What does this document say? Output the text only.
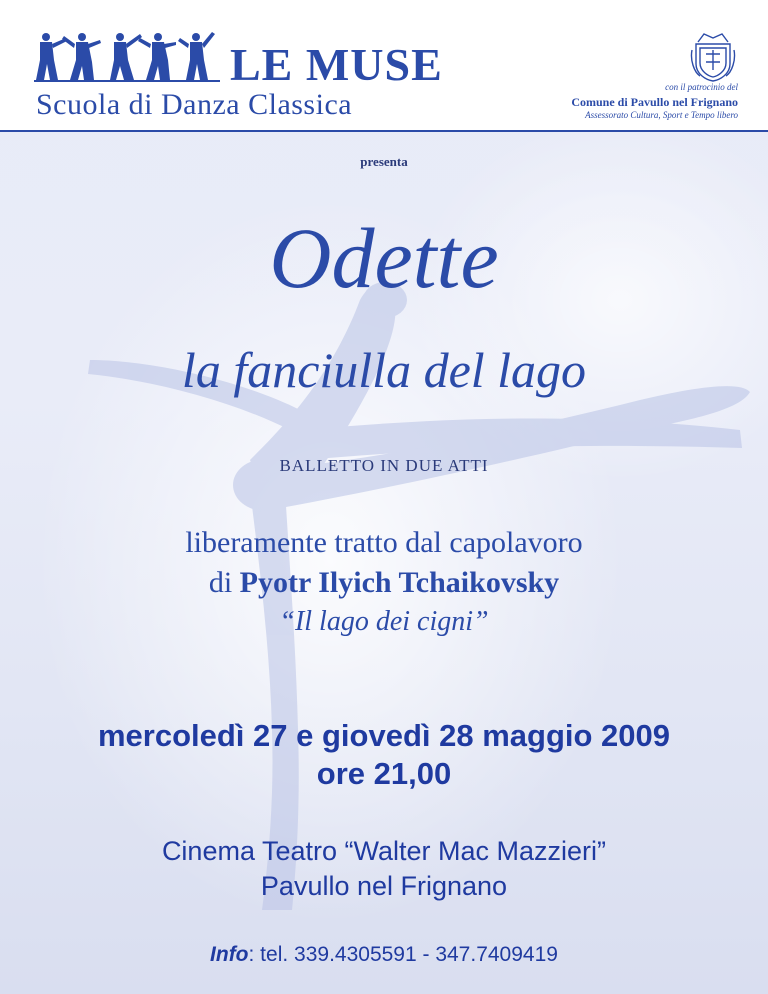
LE MUSE
Scuola di Danza Classica
con il patrocinio del
Comune di Pavullo nel Frignano
Assessorato Cultura, Sport e Tempo libero
presenta
Odette
la fanciulla del lago
BALLETTO IN DUE ATTI
liberamente tratto dal capolavoro
di Pyotr Ilyich Tchaikovsky
“Il lago dei cigni”
mercoledì 27 e giovedì 28 maggio 2009
ore 21,00
Cinema Teatro “Walter Mac Mazzieri”
Pavullo nel Frignano
Info: tel. 339.4305591 - 347.7409419
